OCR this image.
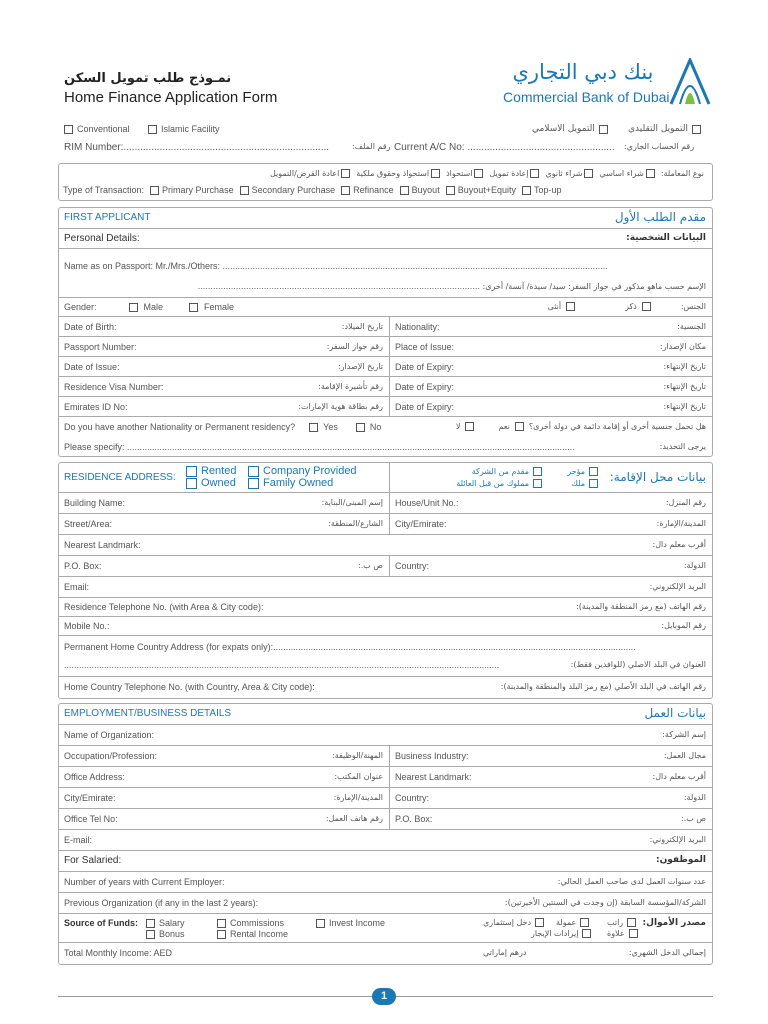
نمـوذج طلب تمويل السكن
Home Finance Application Form
بنك دبي التجاري
Commercial Bank of Dubai
Conventional	Islamic Facility	التمويل الاسلامي	التمويل التقليدي
RIM Number:..........................................................................	رقم الملف: Current A/C No: ..................................................... رقم الحساب الجاري:
نوع المعاملة:
شراء اساسي
شراء ثانوي
إعادة تمويل
استحواذ
استحواذ وحقوق ملكية
اعادة القرض/التمويل
Type of Transaction: Primary Purchase Secondary Purchase Refinance Buyout Buyout+Equity Top-up
FIRST APPLICANT	مقدم الطلب الأول
Personal Details:	البيانات الشخصية:
Name as on Passport: Mr./Mrs./Others: ..........................................................................................................................................................
الإسم حسب ماهو مذكور في جواز السفر: سيد/ سيدة/ آنسة/ أخرى: ...............................................................................................................
Gender:	Male	Female	الجنس:
ذكر
أنثى
Date of Birth:	تاريخ الميلاد: Nationality:	الجنسية:
Passport Number:	رقم جواز السفر: Place of Issue:	مكان الإصدار:
Date of Issue:	تاريخ الإصدار: Date of Expiry:	تاريخ الإنتهاء:
Residence Visa Number:	رقم تأشيرة الإقامة: Date of Expiry:	تاريخ الإنتهاء:
Emirates ID No:	رقم بطاقة هوية الإمارات: Date of Expiry:	تاريخ الإنتهاء:
Do you have another Nationality or Permanent residency?	Yes	No	هل تحمل جنسية أخرى أو إقامة دائمة في دولة أخرى؟
نعم
لا
Please specify: ...................................................................................................................................................................................	يرجى التحديد:
RESIDENCE ADDRESS:
Rented
Owned
Company Provided
Family Owned	بيانات محل الإقامة:
مؤجر
ملك
مقدم من الشركة
مملوك من قبل العائلة
Building Name:	إسم المبنى/البناية: House/Unit No.:	رقم المنزل:
Street/Area:	الشارع/المنطقة: City/Emirate:	المدينة/الإمارة:
Nearest Landmark:	أقرب معلم دال:
P.O. Box:	ص ب.: Country:	الدولة:
Email:	البريد الإلكتروني:
Residence Telephone No. (with Area & City code):	رقم الهاتف (مع رمز المنطقة والمدينة):
Mobile No.:	رقم الموبايل:
Permanent Home Country Address (for expats only):.................................................................................................................................................
..............................................................................................................................................................................	العنوان في البلد الاصلي (للوافدين فقط):
Home Country Telephone No. (with Country, Area & City code):	رقم الهاتف في البلد الأصلي (مع رمز البلد والمنطقة والمدينة):
EMPLOYMENT/BUSINESS DETAILS	بيانات العمل
Name of Organization:	إسم الشركة:
Occupation/Profession:	المهنة/الوظيفة: Business Industry:	مجال العمل:
Office Address:	عنوان المكتب: Nearest Landmark:	أقرب معلم دال:
City/Emirate:	المدينة/الإمارة: Country:	الدولة:
Office Tel No:	رقم هاتف العمل: P.O. Box:	ص ب.:
E-mail:	البريد الإلكتروني:
For Salaried:	الموظفون:
Number of years with Current Employer:	عدد سنوات العمل لدى صاحب العمل الحالي:
Previous Organization (if any in the last 2 years):	الشركة/المؤسسة السابقة (إن وجدت في السنتين الأخيرتين):
Source of Funds: Salary
Bonus
Commissions
Rental Income
Invest Income	مصدر الأموال:
راتب
علاوة
عمولة
إيرادات الإيجار
دخل إستثماري
Total Monthly Income: AED	درهم إماراتي	إجمالي الدخل الشهري:
1
